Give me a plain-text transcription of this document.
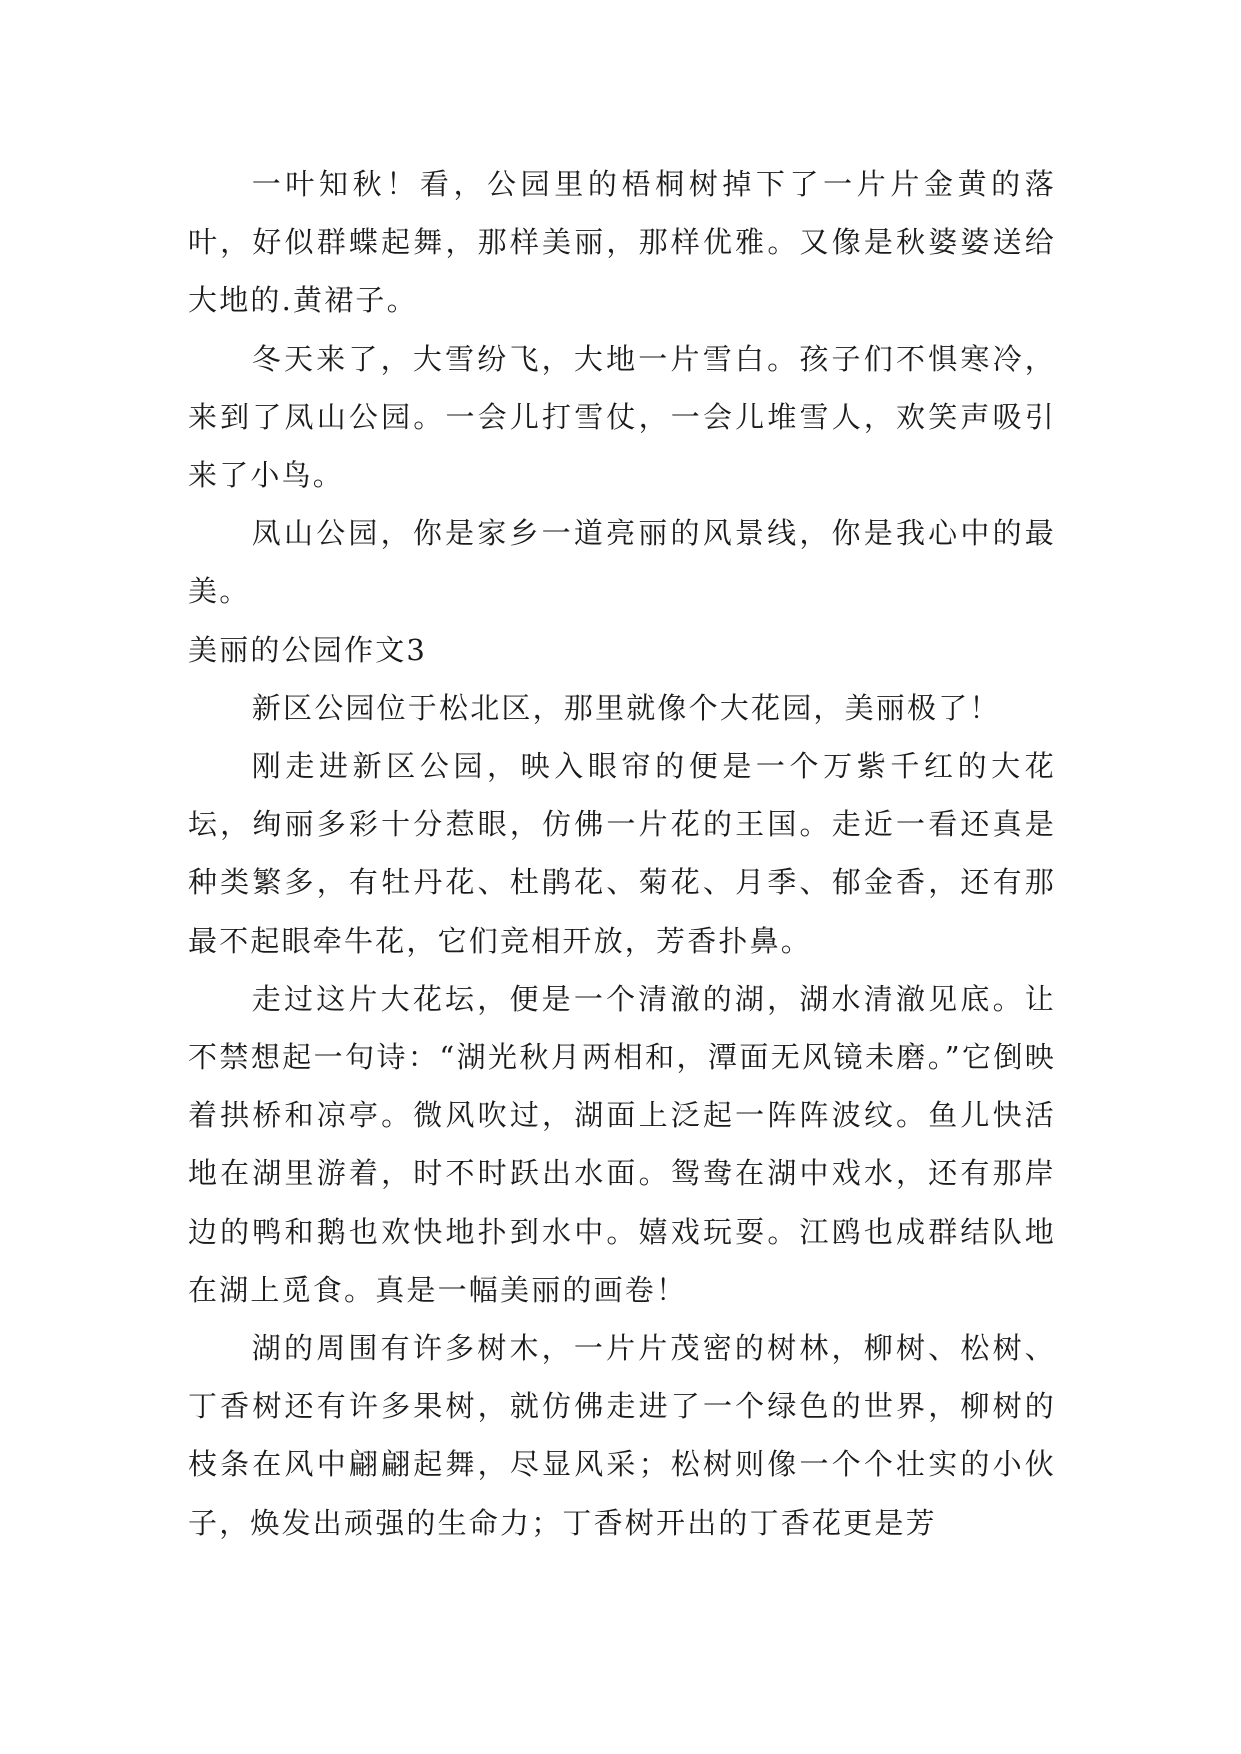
一叶知秋！看，公园里的梧桐树掉下了一片片金黄的落叶，好似群蝶起舞，那样美丽，那样优雅。又像是秋婆婆送给大地的.黄裙子。

冬天来了，大雪纷飞，大地一片雪白。孩子们不惧寒冷，来到了凤山公园。一会儿打雪仗，一会儿堆雪人，欢笑声吸引来了小鸟。

凤山公园，你是家乡一道亮丽的风景线，你是我心中的最美。

美丽的公园作文3

新区公园位于松北区，那里就像个大花园，美丽极了！

刚走进新区公园，映入眼帘的便是一个万紫千红的大花坛，绚丽多彩十分惹眼，仿佛一片花的王国。走近一看还真是种类繁多，有牡丹花、杜鹃花、菊花、月季、郁金香，还有那最不起眼牵牛花，它们竞相开放，芳香扑鼻。

走过这片大花坛，便是一个清澈的湖，湖水清澈见底。让不禁想起一句诗：“湖光秋月两相和，潭面无风镜未磨。”它倒映着拱桥和凉亭。微风吹过，湖面上泛起一阵阵波纹。鱼儿快活地在湖里游着，时不时跃出水面。鸳鸯在湖中戏水，还有那岸边的鸭和鹅也欢快地扑到水中。嬉戏玩耍。江鸥也成群结队地在湖上觅食。真是一幅美丽的画卷！

湖的周围有许多树木，一片片茂密的树林，柳树、松树、丁香树还有许多果树，就仿佛走进了一个绿色的世界，柳树的枝条在风中翩翩起舞，尽显风采；松树则像一个个壮实的小伙子，焕发出顽强的生命力；丁香树开出的丁香花更是芳
